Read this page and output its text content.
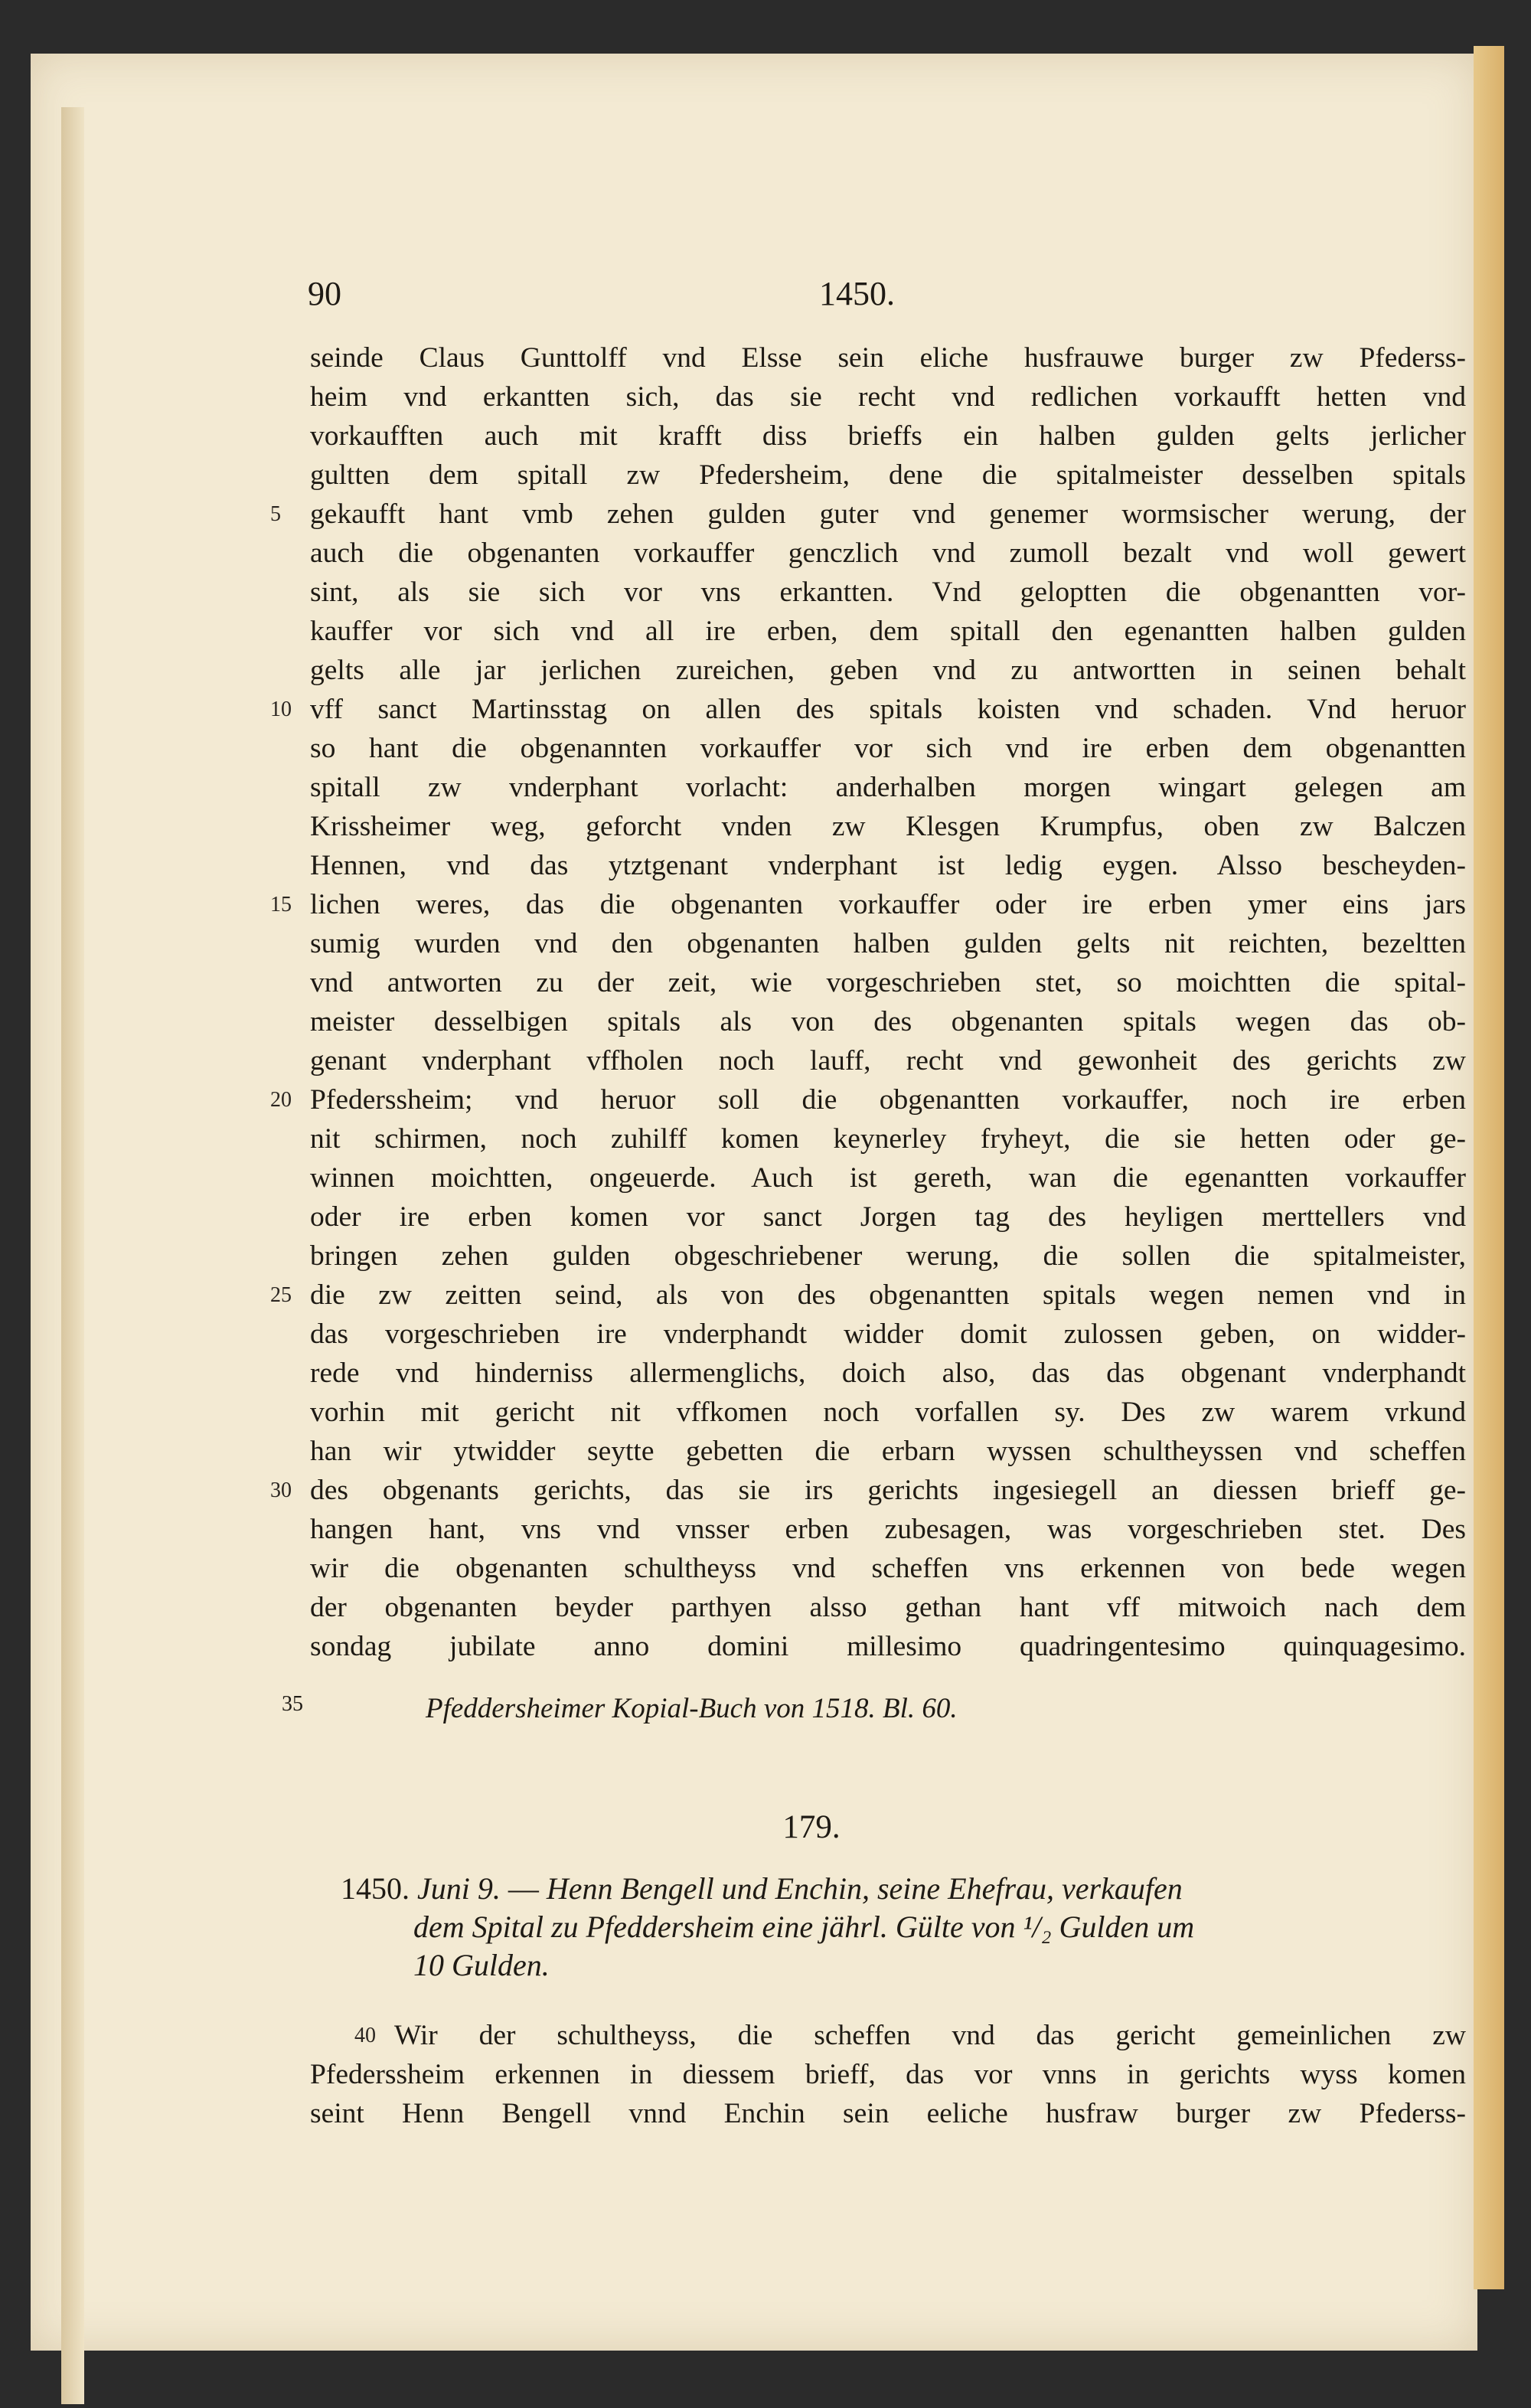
90	1450.
seinde Claus Gunttolff vnd Elsse sein eliche husfrauwe burger zw Pfederss-
heim vnd erkantten sich, das sie recht vnd redlichen vorkaufft hetten vnd
vorkaufften auch mit krafft diss brieffs ein halben gulden gelts jerlicher
gultten dem spitall zw Pfedersheim, dene die spitalmeister desselben spitals
5	gekaufft hant vmb zehen gulden guter vnd genemer wormsischer werung, der
auch die obgenanten vorkauffer genczlich vnd zumoll bezalt vnd woll gewert
sint, als sie sich vor vns erkantten. Vnd geloptten die obgenantten vor-
kauffer vor sich vnd all ire erben, dem spitall den egenantten halben gulden
gelts alle jar jerlichen zureichen, geben vnd zu antwortten in seinen behalt
10 vff sanct Martinsstag on allen des spitals koisten vnd schaden. Vnd heruor
so hant die obgenannten vorkauffer vor sich vnd ire erben dem obgenantten
spitall zw vnderphant vorlacht: anderhalben morgen wingart gelegen am
Krissheimer weg, geforcht vnden zw Klesgen Krumpfus, oben zw Balczen
Hennen, vnd das ytztgenant vnderphant ist ledig eygen. Alsso bescheyden-
15 lichen weres, das die obgenanten vorkauffer oder ire erben ymer eins jars
sumig wurden vnd den obgenanten halben gulden gelts nit reichten, bezeltten
vnd antworten zu der zeit, wie vorgeschrieben stet, so moichtten die spital-
meister desselbigen spitals als von des obgenanten spitals wegen das ob-
genant vnderphant vffholen noch lauff, recht vnd gewonheit des gerichts zw
20 Pfederssheim; vnd heruor soll die obgenantten vorkauffer, noch ire erben
nit schirmen, noch zuhilff komen keynerley fryheyt, die sie hetten oder ge-
winnen moichtten, ongeuerde. Auch ist gereth, wan die egenantten vorkauffer
oder ire erben komen vor sanct Jorgen tag des heyligen merttellers vnd
bringen zehen gulden obgeschriebener werung, die sollen die spitalmeister,
25 die zw zeitten seind, als von des obgenantten spitals wegen nemen vnd in
das vorgeschrieben ire vnderphandt widder domit zulossen geben, on widder-
rede vnd hinderniss allermenglichs, doich also, das das obgenant vnderphandt
vorhin mit gericht nit vffkomen noch vorfallen sy. Des zw warem vrkund
han wir ytwidder seytte gebetten die erbarn wyssen schultheyssen vnd scheffen
30 des obgenants gerichts, das sie irs gerichts ingesiegell an diessen brieff ge-
hangen hant, vns vnd vnsser erben zubesagen, was vorgeschrieben stet. Des
wir die obgenanten schultheyss vnd scheffen vns erkennen von bede wegen
der obgenanten beyder parthyen alsso gethan hant vff mitwoich nach dem
sondag jubilate anno domini millesimo quadringentesimo quinquagesimo.
35	Pfeddersheimer Kopial-Buch von 1518. Bl. 60.
179.
1450. Juni 9. — Henn Bengell und Enchin, seine Ehefrau, verkaufen
dem Spital zu Pfeddersheim eine jährl. Gülte von ¹/₂ Gulden um
10 Gulden.
40 Wir der schultheyss, die scheffen vnd das gericht gemeinlichen zw
Pfederssheim erkennen in diessem brieff, das vor vnns in gerichts wyss komen
seint Henn Bengell vnnd Enchin sein eeliche husfraw burger zw Pfederss-
